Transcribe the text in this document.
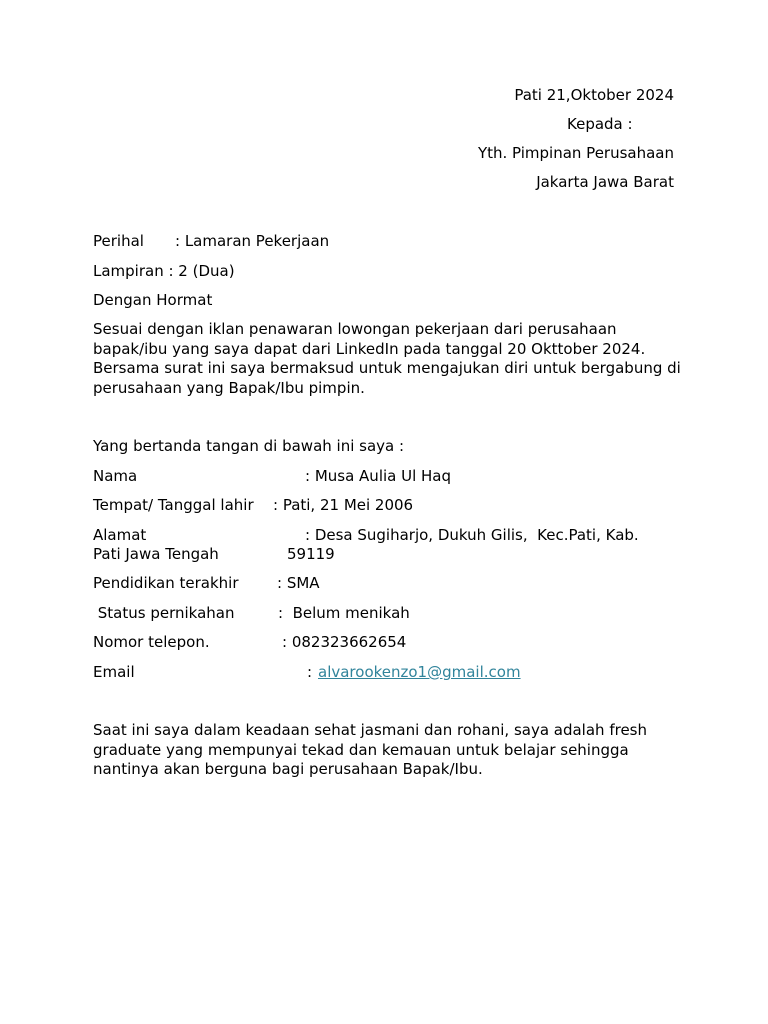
Pati 21,Oktober 2024

Kepada :

Yth. Pimpinan Perusahaan

Jakarta Jawa Barat

Perihal : Lamaran Pekerjaan

Lampiran : 2 (Dua)

Dengan Hormat

Sesuai dengan iklan penawaran lowongan pekerjaan dari perusahaan bapak/ibu yang saya dapat dari LinkedIn pada tanggal 20 Okttober 2024. Bersama surat ini saya bermaksud untuk mengajukan diri untuk bergabung di perusahaan yang Bapak/Ibu pimpin.

Yang bertanda tangan di bawah ini saya :

Nama	: Musa Aulia Ul Haq
Tempat/ Tanggal lahir : Pati, 21 Mei 2006
Alamat	: Desa Sugiharjo, Dukuh Gilis,  Kec.Pati, Kab.
Pati Jawa Tengah	59119
Pendidikan terakhir	: SMA
Status pernikahan	:  Belum menikah
Nomor telepon.	: 082323662654
Email	: alvarookenzo1@gmail.com

Saat ini saya dalam keadaan sehat jasmani dan rohani, saya adalah fresh graduate yang mempunyai tekad dan kemauan untuk belajar sehingga nantinya akan berguna bagi perusahaan Bapak/Ibu.
